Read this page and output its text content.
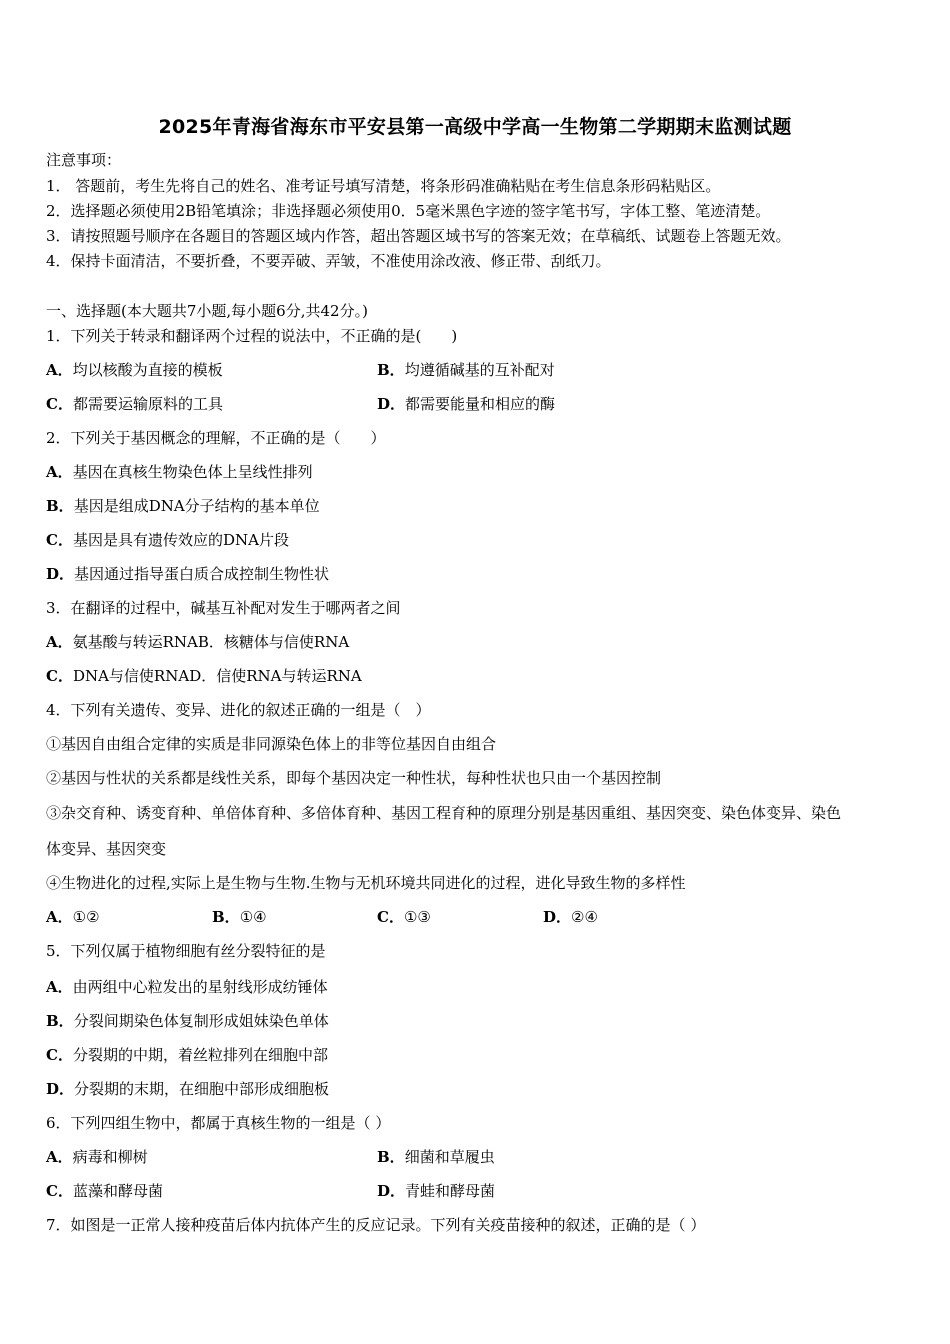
2025年青海省海东市平安县第一高级中学高一生物第二学期期末监测试题
注意事项：
1． 答题前，考生先将自己的姓名、准考证号填写清楚，将条形码准确粘贴在考生信息条形码粘贴区。
2．选择题必须使用2B铅笔填涂；非选择题必须使用0．5毫米黑色字迹的签字笔书写，字体工整、笔迹清楚。
3．请按照题号顺序在各题目的答题区域内作答，超出答题区域书写的答案无效；在草稿纸、试题卷上答题无效。
4．保持卡面清洁，不要折叠，不要弄破、弄皱，不准使用涂改液、修正带、刮纸刀。
一、选择题(本大题共7小题,每小题6分,共42分。)
1．下列关于转录和翻译两个过程的说法中，不正确的是(　　)
A．均以核酸为直接的模板	B．均遵循碱基的互补配对
C．都需要运输原料的工具	D．都需要能量和相应的酶
2．下列关于基因概念的理解，不正确的是（　　）
A．基因在真核生物染色体上呈线性排列
B．基因是组成DNA分子结构的基本单位
C．基因是具有遗传效应的DNA片段
D．基因通过指导蛋白质合成控制生物性状
3．在翻译的过程中，碱基互补配对发生于哪两者之间
A．氨基酸与转运RNAB．核糖体与信使RNA
C．DNA与信使RNAD．信使RNA与转运RNA
4．下列有关遗传、变异、进化的叙述正确的一组是（　）
①基因自由组合定律的实质是非同源染色体上的非等位基因自由组合
②基因与性状的关系都是线性关系，即每个基因决定一种性状，每种性状也只由一个基因控制
③杂交育种、诱变育种、单倍体育种、多倍体育种、基因工程育种的原理分别是基因重组、基因突变、染色体变异、染色
体变异、基因突变
④生物进化的过程,实际上是生物与生物.生物与无机环境共同进化的过程，进化导致生物的多样性
A．①②	B．①④	C．①③	D．②④
5．下列仅属于植物细胞有丝分裂特征的是
A．由两组中心粒发出的星射线形成纺锤体
B．分裂间期染色体复制形成姐妹染色单体
C．分裂期的中期，着丝粒排列在细胞中部
D．分裂期的末期，在细胞中部形成细胞板
6．下列四组生物中，都属于真核生物的一组是（ ）
A．病毒和柳树	B．细菌和草履虫
C．蓝藻和酵母菌	D．青蛙和酵母菌
7．如图是一正常人接种疫苗后体内抗体产生的反应记录。下列有关疫苗接种的叙述，正确的是（ ）
